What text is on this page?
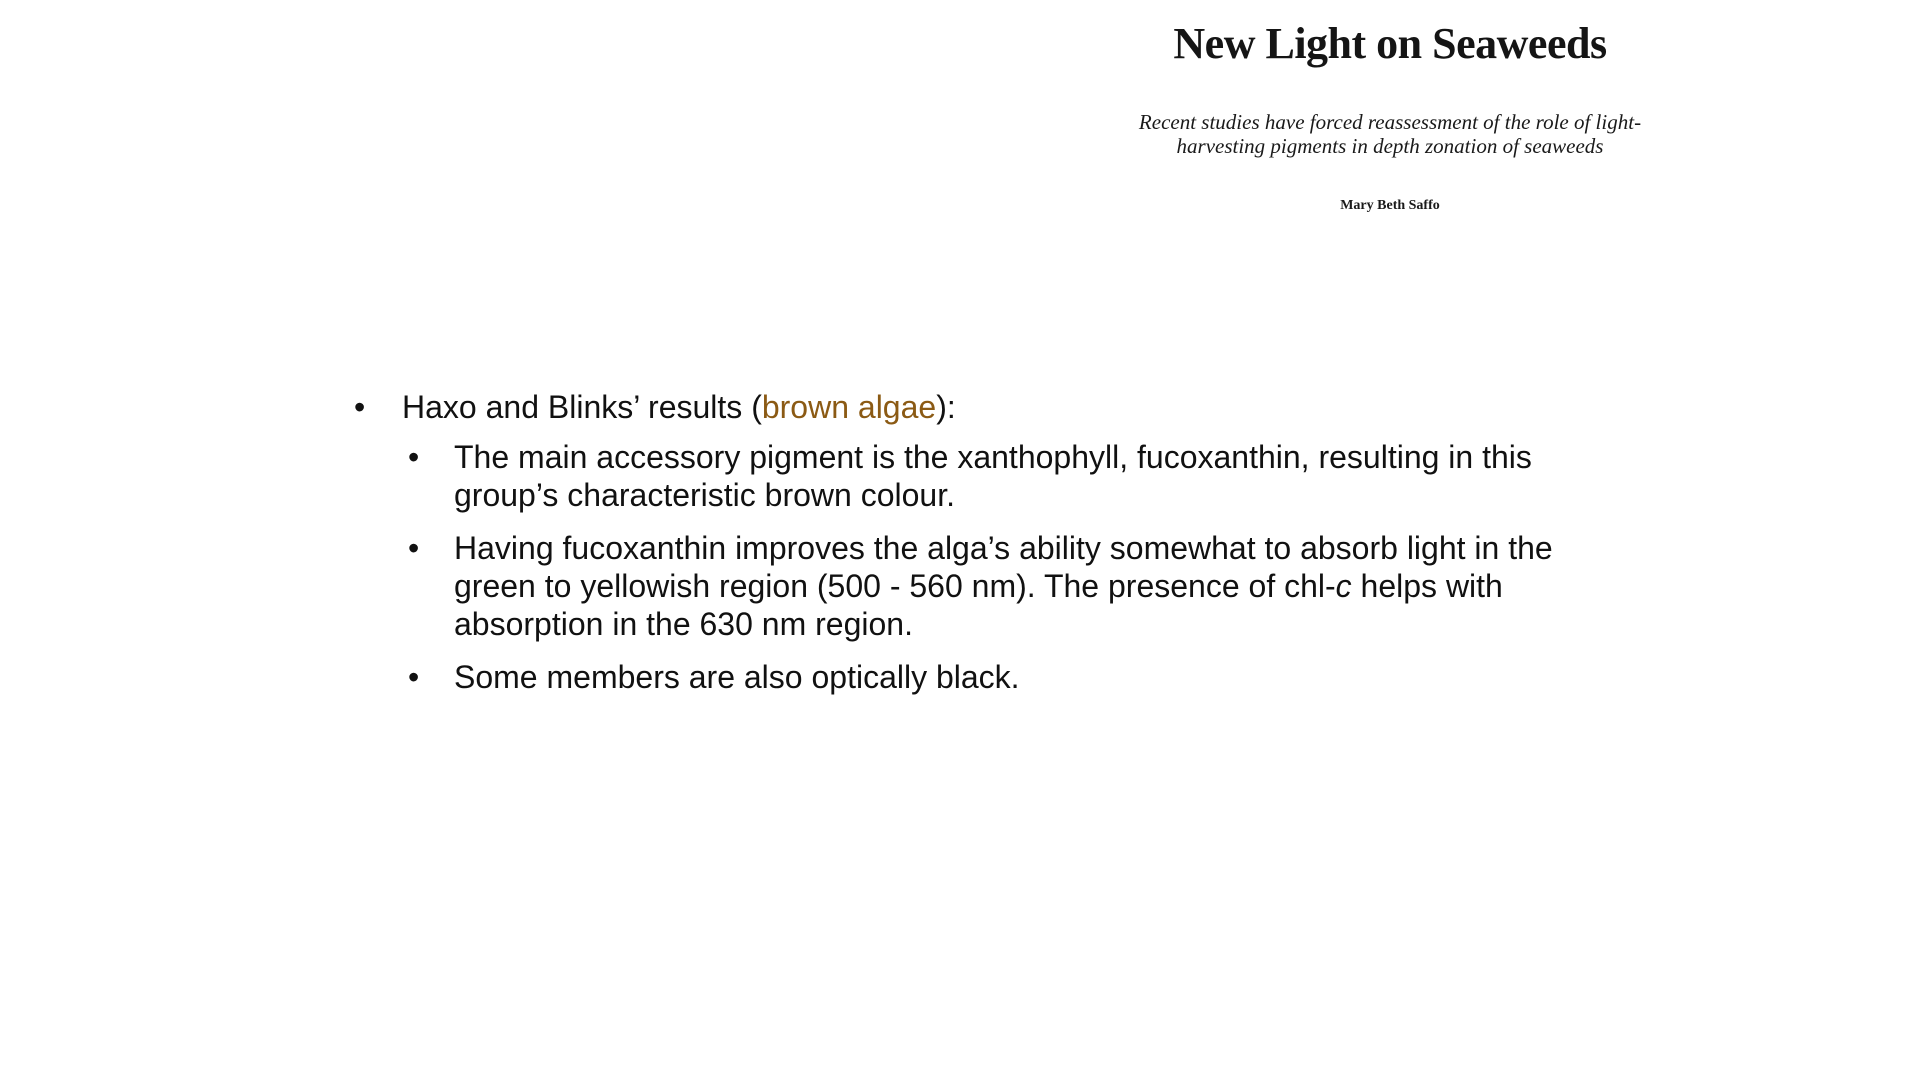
New Light on Seaweeds
Recent studies have forced reassessment of the role of light-
harvesting pigments in depth zonation of seaweeds
Mary Beth Saffo
• Haxo and Blinks’ results (brown algae):
• The main accessory pigment is the xanthophyll, fucoxanthin, resulting in this group’s characteristic brown colour.
• Having fucoxanthin improves the alga’s ability somewhat to absorb light in the green to yellowish region (500 - 560 nm). The presence of chl-c helps with absorption in the 630 nm region.
• Some members are also optically black.
